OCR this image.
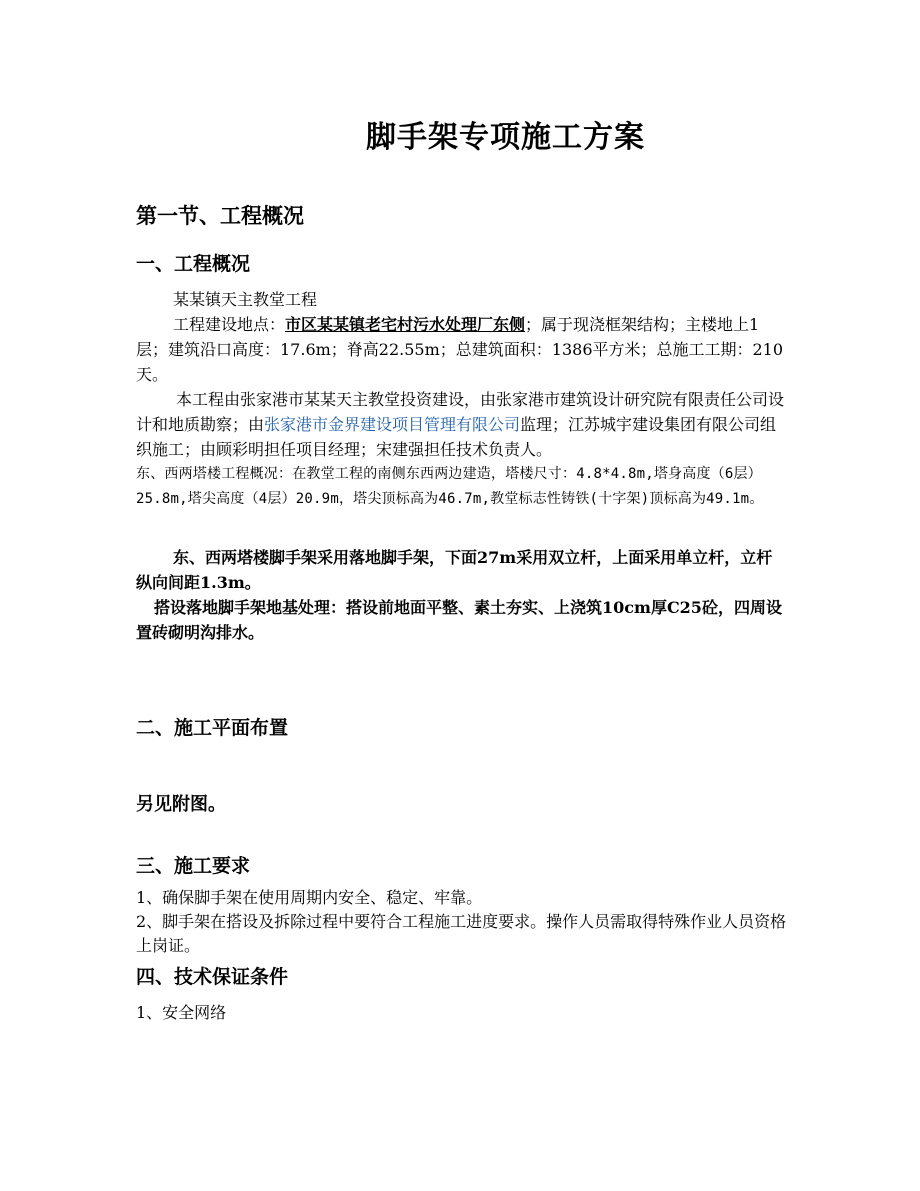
脚手架专项施工方案
第一节、工程概况
一、工程概况

某某镇天主教堂工程

工程建设地点：市区某某镇老宅村污水处理厂东侧；属于现浇框架结构；主楼地上1层；建筑沿口高度：17.6m；脊高22.55m；总建筑面积：1386平方米；总施工工期：210天。

本工程由张家港市某某天主教堂投资建设，由张家港市建筑设计研究院有限责任公司设计和地质勘察；由张家港市金界建设项目管理有限公司监理；江苏城宇建设集团有限公司组织施工；由顾彩明担任项目经理；宋建强担任技术负责人。

东、西两塔楼工程概况：在教堂工程的南侧东西两边建造，塔楼尺寸：4.8*4.8m,塔身高度（6层）25.8m,塔尖高度（4层）20.9m，塔尖顶标高为46.7m,教堂标志性铸铁(十字架)顶标高为49.1m。

东、西两塔楼脚手架采用落地脚手架，下面27m采用双立杆，上面采用单立杆，立杆纵向间距1.3m。

搭设落地脚手架地基处理：搭设前地面平整、素土夯实、上浇筑10cm厚C25砼，四周设置砖砌明沟排水。

二、施工平面布置
另见附图。
三、施工要求

1、确保脚手架在使用周期内安全、稳定、牢靠。

2、脚手架在搭设及拆除过程中要符合工程施工进度要求。操作人员需取得特殊作业人员资格上岗证。

四、技术保证条件

1、安全网络
